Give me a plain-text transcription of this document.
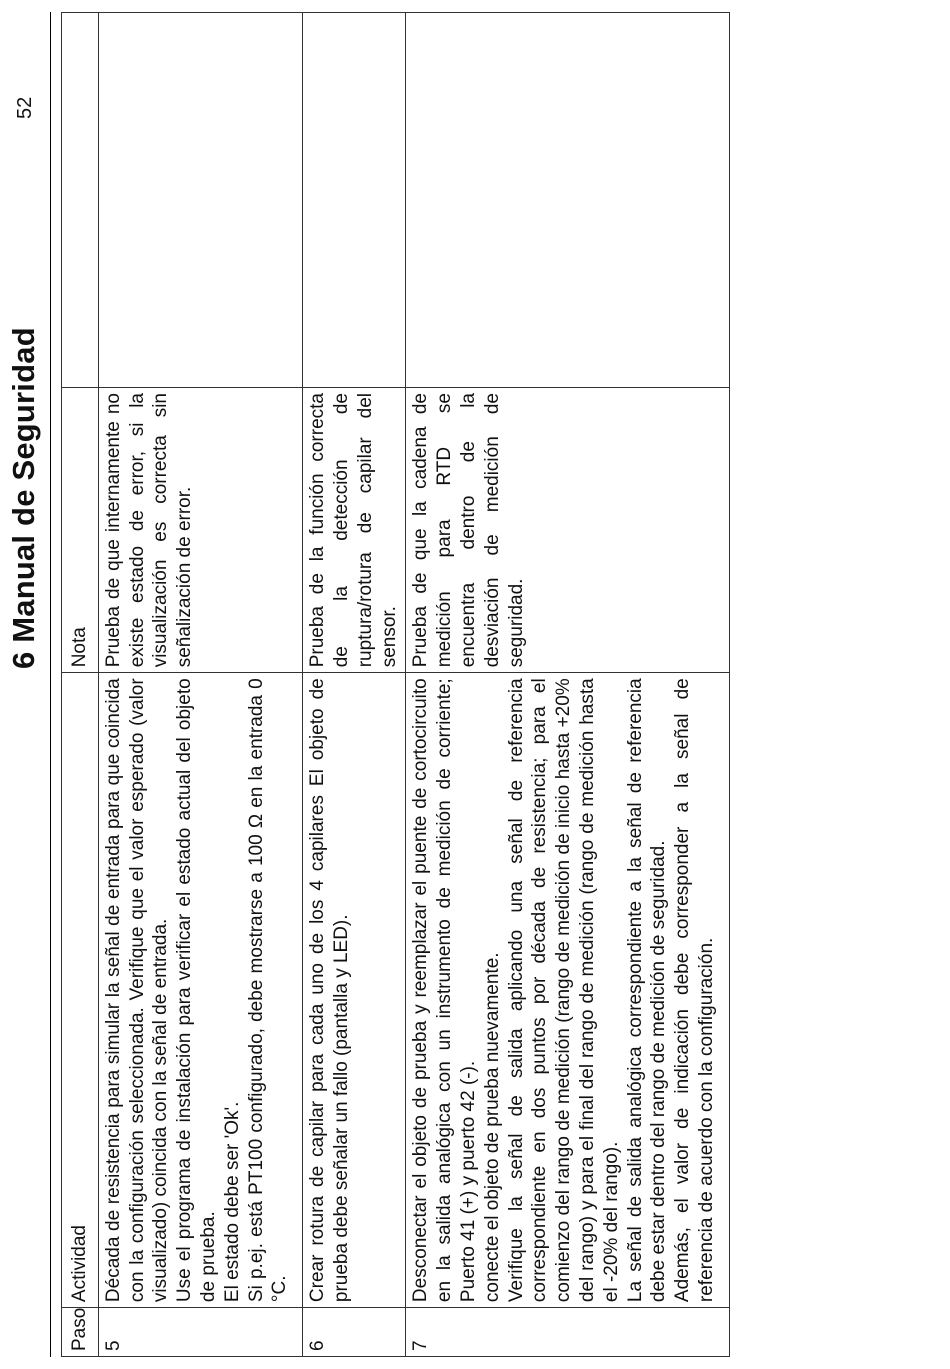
6 Manual de Seguridad
52
Paso	Actividad	Nota	
5	Década de resistencia para simular la señal de entrada para que coincida con la configuración seleccionada. Verifique que el valor esperado (valor visualizado) coincida con la señal de entrada. Use el programa de instalación para verificar el estado actual del objeto de prueba. El estado debe ser 'Ok'. Si p.ej. está PT100 configurado, debe mostrarse a 100 Ω en la entrada 0 °C.	Prueba de que internamente no existe estado de error, si la visualización es correcta sin señalización de error.	
6	Crear rotura de capilar para cada uno de los 4 capilares El objeto de prueba debe señalar un fallo (pantalla y LED).	Prueba de la función correcta de la detección de ruptura/rotura de capilar del sensor.	
7	Desconectar el objeto de prueba y reemplazar el puente de cortocircuito en la salida analógica con un instrumento de medición de corriente; Puerto 41 (+) y puerto 42 (-). conecte el objeto de prueba nuevamente. Verifique la señal de salida aplicando una señal de referencia correspondiente en dos puntos por década de resistencia; para el comienzo del rango de medición (rango de medición de inicio hasta +20% del rango) y para el final del rango de medición (rango de medición hasta el -20% del rango). La señal de salida analógica correspondiente a la señal de referencia debe estar dentro del rango de medición de seguridad. Además, el valor de indicación debe corresponder a la señal de referencia de acuerdo con la configuración.	Prueba de que la cadena de medición para RTD se encuentra dentro de la desviación de medición de seguridad.	
